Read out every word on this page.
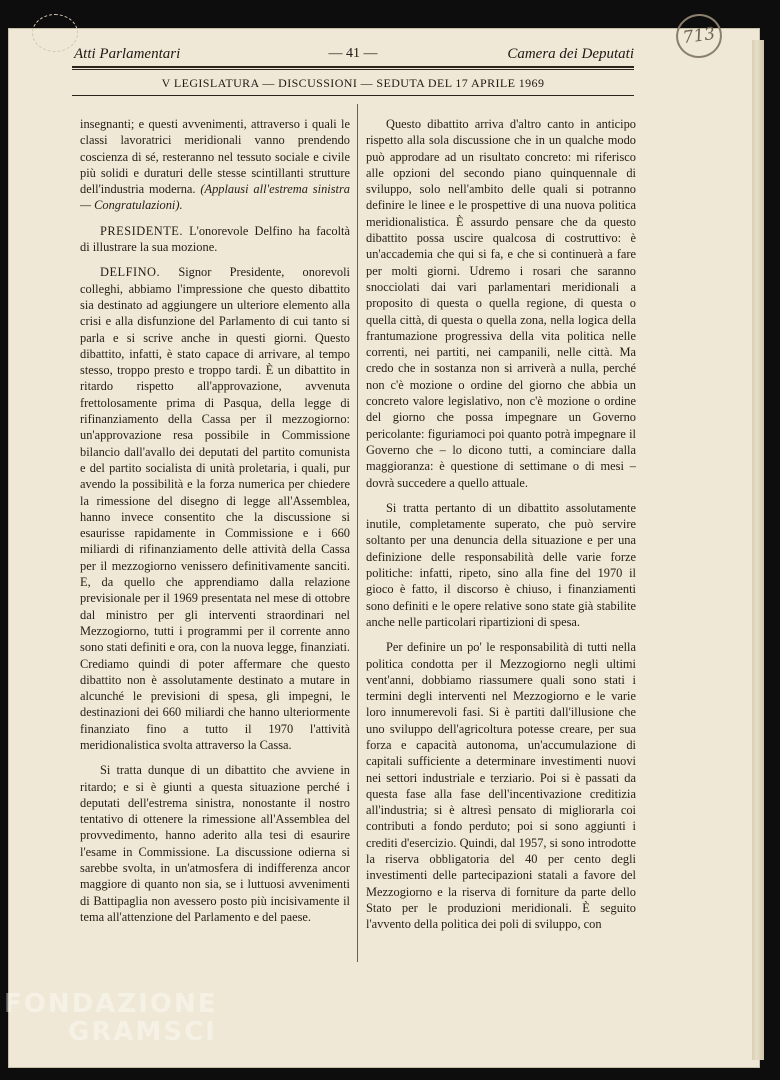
713
Atti Parlamentari	— 41 —	Camera dei Deputati
V LEGISLATURA — DISCUSSIONI — SEDUTA DEL 17 APRILE 1969

insegnanti; e questi avvenimenti, attraverso i quali le classi lavoratrici meridionali vanno prendendo coscienza di sé, resteranno nel tessuto sociale e civile più solidi e duraturi delle stesse scintillanti strutture dell'industria moderna. (Applausi all'estrema sinistra — Congratulazioni).

PRESIDENTE. L'onorevole Delfino ha facoltà di illustrare la sua mozione.

DELFINO. Signor Presidente, onorevoli colleghi, abbiamo l'impressione che questo dibattito sia destinato ad aggiungere un ulteriore elemento alla crisi e alla disfunzione del Parlamento di cui tanto si parla e si scrive anche in questi giorni. Questo dibattito, infatti, è stato capace di arrivare, al tempo stesso, troppo presto e troppo tardi. È un dibattito in ritardo rispetto all'approvazione, avvenuta frettolosamente prima di Pasqua, della legge di rifinanziamento della Cassa per il mezzogiorno: un'approvazione resa possibile in Commissione bilancio dall'avallo dei deputati del partito comunista e del partito socialista di unità proletaria, i quali, pur avendo la possibilità e la forza numerica per chiedere la rimessione del disegno di legge all'Assemblea, hanno invece consentito che la discussione si esaurisse rapidamente in Commissione e i 660 miliardi di rifinanziamento delle attività della Cassa per il mezzogiorno venissero definitivamente sanciti. E, da quello che apprendiamo dalla relazione previsionale per il 1969 presentata nel mese di ottobre dal ministro per gli interventi straordinari nel Mezzogiorno, tutti i programmi per il corrente anno sono stati definiti e ora, con la nuova legge, finanziati. Crediamo quindi di poter affermare che questo dibattito non è assolutamente destinato a mutare in alcunché le previsioni di spesa, gli impegni, le destinazioni dei 660 miliardi che hanno ulteriormente finanziato fino a tutto il 1970 l'attività meridionalistica svolta attraverso la Cassa.

Si tratta dunque di un dibattito che avviene in ritardo; e si è giunti a questa situazione perché i deputati dell'estrema sinistra, nonostante il nostro tentativo di ottenere la rimessione all'Assemblea del provvedimento, hanno aderito alla tesi di esaurire l'esame in Commissione. La discussione odierna si sarebbe svolta, in un'atmosfera di indifferenza ancor maggiore di quanto non sia, se i luttuosi avvenimenti di Battipaglia non avessero posto più incisivamente il tema all'attenzione del Parlamento e del paese.

Questo dibattito arriva d'altro canto in anticipo rispetto alla sola discussione che in un qualche modo può approdare ad un risultato concreto: mi riferisco alle opzioni del secondo piano quinquennale di sviluppo, solo nell'ambito delle quali si potranno definire le linee e le prospettive di una nuova politica meridionalistica. È assurdo pensare che da questo dibattito possa uscire qualcosa di costruttivo: è un'accademia che qui si fa, e che si continuerà a fare per molti giorni. Udremo i rosari che saranno snocciolati dai vari parlamentari meridionali a proposito di questa o quella regione, di questa o quella città, di questa o quella zona, nella logica della frantumazione progressiva della vita politica nelle correnti, nei partiti, nei campanili, nelle città. Ma credo che in sostanza non si arriverà a nulla, perché non c'è mozione o ordine del giorno che abbia un concreto valore legislativo, non c'è mozione o ordine del giorno che possa impegnare un Governo pericolante: figuriamoci poi quanto potrà impegnare il Governo che – lo dicono tutti, a cominciare dalla maggioranza: è questione di settimane o di mesi – dovrà succedere a quello attuale.

Si tratta pertanto di un dibattito assolutamente inutile, completamente superato, che può servire soltanto per una denuncia della situazione e per una definizione delle responsabilità delle varie forze politiche: infatti, ripeto, sino alla fine del 1970 il gioco è fatto, il discorso è chiuso, i finanziamenti sono definiti e le opere relative sono state già stabilite anche nelle particolari ripartizioni di spesa.

Per definire un po' le responsabilità di tutti nella politica condotta per il Mezzogiorno negli ultimi vent'anni, dobbiamo riassumere quali sono stati i termini degli interventi nel Mezzogiorno e le varie loro innumerevoli fasi. Si è partiti dall'illusione che uno sviluppo dell'agricoltura potesse creare, per sua forza e capacità autonoma, un'accumulazione di capitali sufficiente a determinare investimenti nuovi nei settori industriale e terziario. Poi si è passati da questa fase alla fase dell'incentivazione creditizia all'industria; si è altresì pensato di migliorarla coi contributi a fondo perduto; poi si sono aggiunti i crediti d'esercizio. Quindi, dal 1957, si sono introdotte la riserva obbligatoria del 40 per cento degli investimenti delle partecipazioni statali a favore del Mezzogiorno e la riserva di forniture da parte dello Stato per le produzioni meridionali. È seguito l'avvento della politica dei poli di sviluppo, con

FONDAZIONE
GRAMSCI
